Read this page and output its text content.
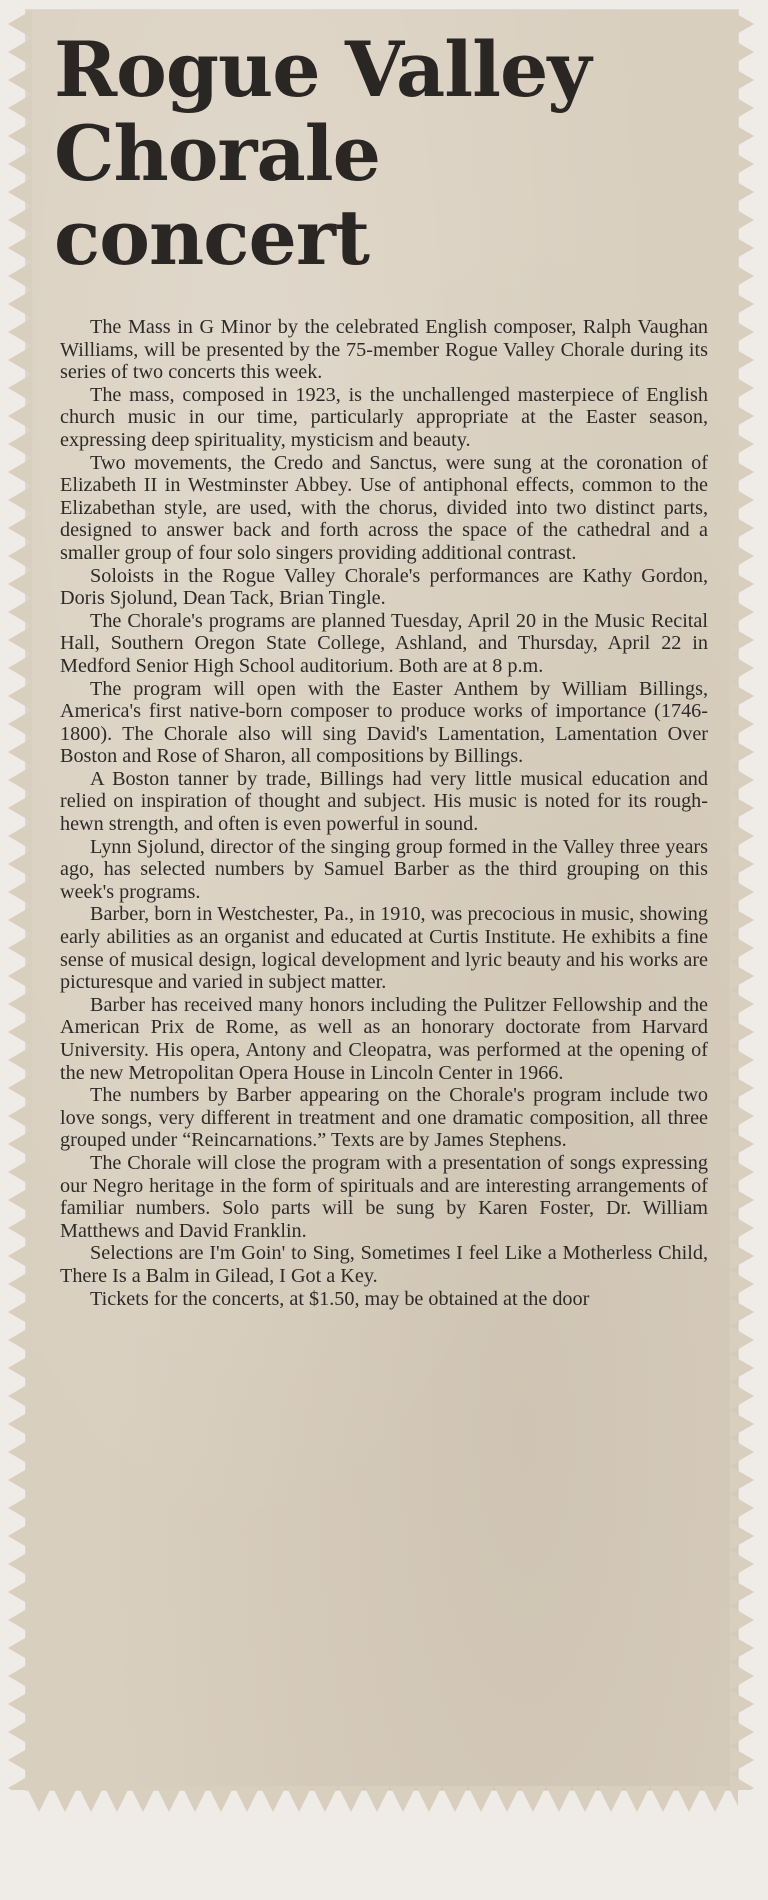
Rogue Valley
Chorale concert

The Mass in G Minor by the celebrated English composer, Ralph Vaughan Williams, will be presented by the 75-member Rogue Valley Chorale during its series of two concerts this week.

The mass, composed in 1923, is the unchallenged masterpiece of English church music in our time, particularly appropriate at the Easter season, expressing deep spirituality, mysticism and beauty.

Two movements, the Credo and Sanctus, were sung at the coronation of Elizabeth II in Westminster Abbey. Use of antiphonal effects, common to the Elizabethan style, are used, with the chorus, divided into two distinct parts, designed to answer back and forth across the space of the cathedral and a smaller group of four solo singers providing additional contrast.

Soloists in the Rogue Valley Chorale's performances are Kathy Gordon, Doris Sjolund, Dean Tack, Brian Tingle.

The Chorale's programs are planned Tuesday, April 20 in the Music Recital Hall, Southern Oregon State College, Ashland, and Thursday, April 22 in Medford Senior High School auditorium. Both are at 8 p.m.

The program will open with the Easter Anthem by William Billings, America's first native-born composer to produce works of importance (1746-1800). The Chorale also will sing David's Lamentation, Lamentation Over Boston and Rose of Sharon, all compositions by Billings.

A Boston tanner by trade, Billings had very little musical education and relied on inspiration of thought and subject. His music is noted for its rough-hewn strength, and often is even powerful in sound.

Lynn Sjolund, director of the singing group formed in the Valley three years ago, has selected numbers by Samuel Barber as the third grouping on this week's programs.

Barber, born in Westchester, Pa., in 1910, was precocious in music, showing early abilities as an organist and educated at Curtis Institute. He exhibits a fine sense of musical design, logical development and lyric beauty and his works are picturesque and varied in subject matter.

Barber has received many honors including the Pulitzer Fellowship and the American Prix de Rome, as well as an honorary doctorate from Harvard University. His opera, Antony and Cleopatra, was performed at the opening of the new Metropolitan Opera House in Lincoln Center in 1966.

The numbers by Barber appearing on the Chorale's program include two love songs, very different in treatment and one dramatic composition, all three grouped under “Reincarnations.” Texts are by James Stephens.

The Chorale will close the program with a presentation of songs expressing our Negro heritage in the form of spirituals and are interesting arrangements of familiar numbers. Solo parts will be sung by Karen Foster, Dr. William Matthews and David Franklin.

Selections are I'm Goin' to Sing, Sometimes I feel Like a Motherless Child, There Is a Balm in Gilead, I Got a Key.

Tickets for the concerts, at $1.50, may be obtained at the door
